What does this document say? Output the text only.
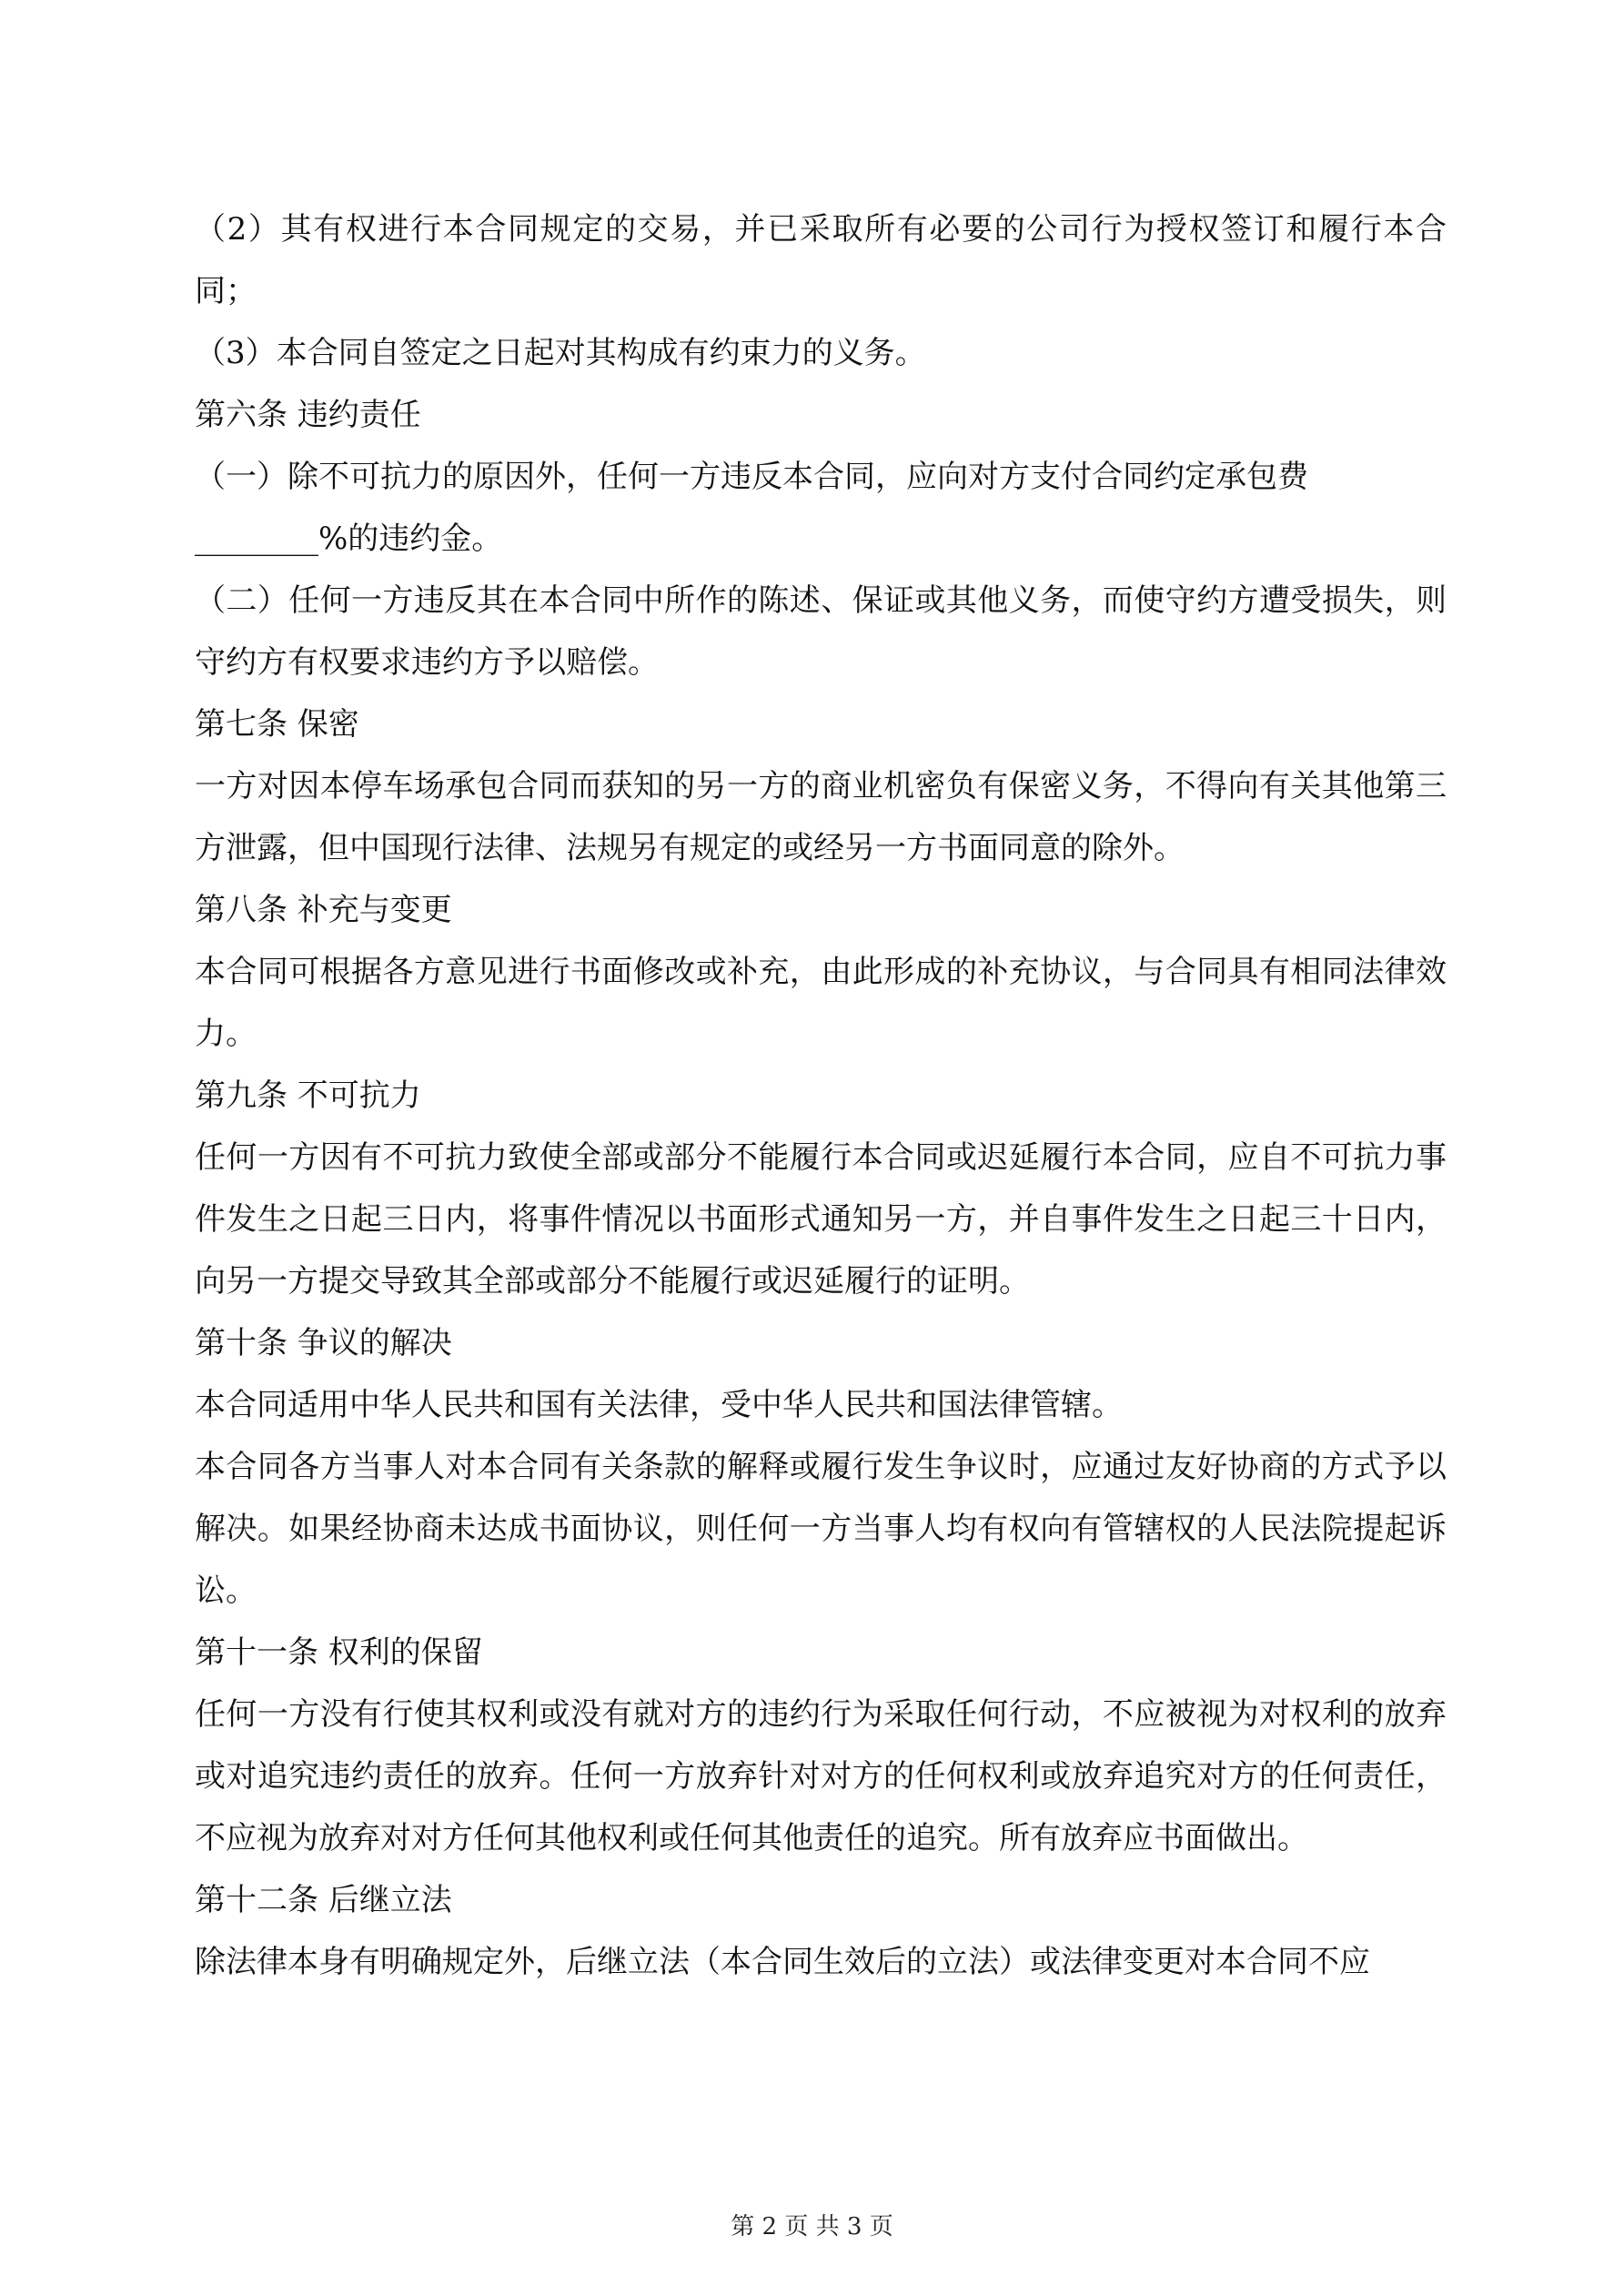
（2）其有权进行本合同规定的交易，并已采取所有必要的公司行为授权签订和履行本合同；

（3）本合同自签定之日起对其构成有约束力的义务。

第六条 违约责任

（一）除不可抗力的原因外，任何一方违反本合同，应向对方支付合同约定承包费

________%的违约金。

（二）任何一方违反其在本合同中所作的陈述、保证或其他义务，而使守约方遭受损失，则守约方有权要求违约方予以赔偿。

第七条 保密

一方对因本停车场承包合同而获知的另一方的商业机密负有保密义务，不得向有关其他第三方泄露，但中国现行法律、法规另有规定的或经另一方书面同意的除外。

第八条 补充与变更

本合同可根据各方意见进行书面修改或补充，由此形成的补充协议，与合同具有相同法律效力。

第九条 不可抗力

任何一方因有不可抗力致使全部或部分不能履行本合同或迟延履行本合同，应自不可抗力事件发生之日起三日内，将事件情况以书面形式通知另一方，并自事件发生之日起三十日内，向另一方提交导致其全部或部分不能履行或迟延履行的证明。

第十条 争议的解决

本合同适用中华人民共和国有关法律，受中华人民共和国法律管辖。

本合同各方当事人对本合同有关条款的解释或履行发生争议时，应通过友好协商的方式予以解决。如果经协商未达成书面协议，则任何一方当事人均有权向有管辖权的人民法院提起诉讼。

第十一条 权利的保留

任何一方没有行使其权利或没有就对方的违约行为采取任何行动，不应被视为对权利的放弃或对追究违约责任的放弃。任何一方放弃针对对方的任何权利或放弃追究对方的任何责任，不应视为放弃对对方任何其他权利或任何其他责任的追究。所有放弃应书面做出。

第十二条 后继立法

除法律本身有明确规定外，后继立法（本合同生效后的立法）或法律变更对本合同不应

第 2 页 共 3 页
